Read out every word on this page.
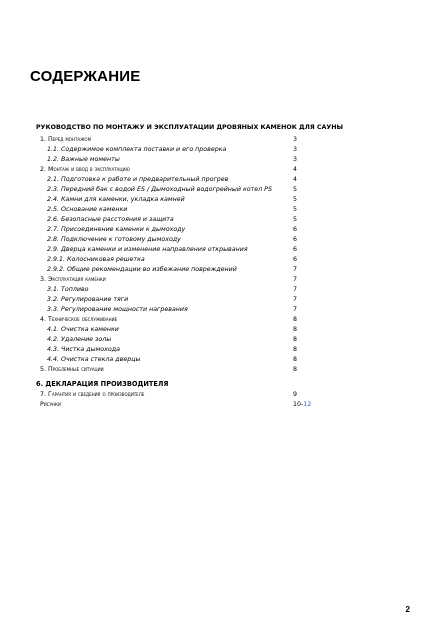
СОДЕРЖАНИЕ
РУКОВОДСТВО ПО МОНТАЖУ И ЭКСПЛУАТАЦИИ ДРОВЯНЫХ КАМЕНОК ДЛЯ САУНЫ
1. Перед монтажом	3
1.1. Содержимое комплекта поставки и его проверка	3
1.2. Важные моменты	3
2. Монтаж и ввод в эксплуатацию	4
2.1. Подготовка к работе и предварительный прогрев	4
2.3. Передний бак с водой ES / Дымоходный водогрейный котел PS	5
2.4. Камни для каменки, укладка камней	5
2.5. Основание каменки	5
2.6. Безопасные расстояния и защита	5
2.7. Присоединение каменки к дымоходу	6
2.8. Подключение к готовому дымоходу	6
2.9. Дверца каменки и изменение направления открывания	6
2.9.1. Колосниковая решетка	6
2.9.2. Общие рекомендации во избежание повреждений	7
3. Эксплуатация каменки	7
3.1. Топливо	7
3.2. Регулирование тяги	7
3.3. Регулирование мощности нагревания	7
4. Техническое обслуживание	8
4.1. Очистка каменки	8
4.2. Удаление золы	8
4.3. Чистка дымохода	8
4.4. Очистка стекла дверцы	8
5. Проблемные ситуации	8
6. ДЕКЛАРАЦИЯ ПРОИЗВОДИТЕЛЯ
7. Гарантия и сведения о производителе	9
Рисунки	10-12
2
